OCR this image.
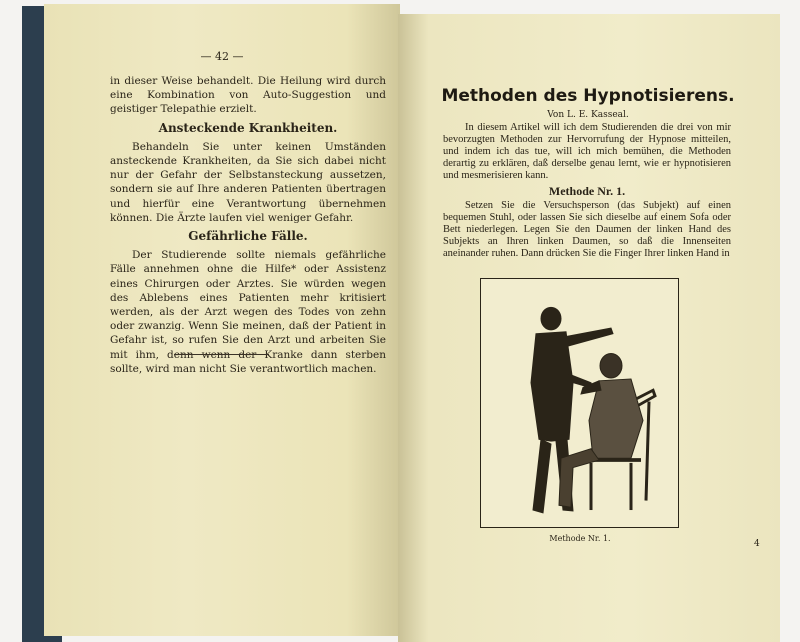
— 42 —

in dieser Weise behandelt. Die Heilung wird durch eine Kombination von Auto-Suggestion und geistiger Telepathie erzielt.

Ansteckende Krankheiten.

Behandeln Sie unter keinen Umständen ansteckende Krankheiten, da Sie sich dabei nicht nur der Gefahr der Selbstansteckung aussetzen, sondern sie auf Ihre anderen Patienten übertragen und hierfür eine Verantwortung übernehmen können. Die Ärzte laufen viel weniger Gefahr.

Gefährliche Fälle.

Der Studierende sollte niemals gefährliche Fälle annehmen ohne die Hilfe* oder Assistenz eines Chirurgen oder Arztes. Sie würden wegen des Ablebens eines Patienten mehr kritisiert werden, als der Arzt wegen des Todes von zehn oder zwanzig. Wenn Sie meinen, daß der Patient in Gefahr ist, so rufen Sie den Arzt und arbeiten Sie mit ihm, denn wenn der Kranke dann sterben sollte, wird man nicht Sie verantwortlich machen.

Methoden des Hypnotisierens.
Von L. E. Kasseal.

In diesem Artikel will ich dem Studierenden die drei von mir bevorzugten Methoden zur Hervorrufung der Hypnose mitteilen, und indem ich das tue, will ich mich bemühen, die Methoden derartig zu erklären, daß derselbe genau lernt, wie er hypnotisieren und mesmerisieren kann.

Methode Nr. 1.

Setzen Sie die Versuchsperson (das Subjekt) auf einen bequemen Stuhl, oder lassen Sie sich dieselbe auf einem Sofa oder Bett niederlegen. Legen Sie den Daumen der linken Hand des Subjekts an Ihren linken Daumen, so daß die Innenseiten aneinander ruhen. Dann drücken Sie die Finger Ihrer linken Hand in

Methode Nr. 1.
4
